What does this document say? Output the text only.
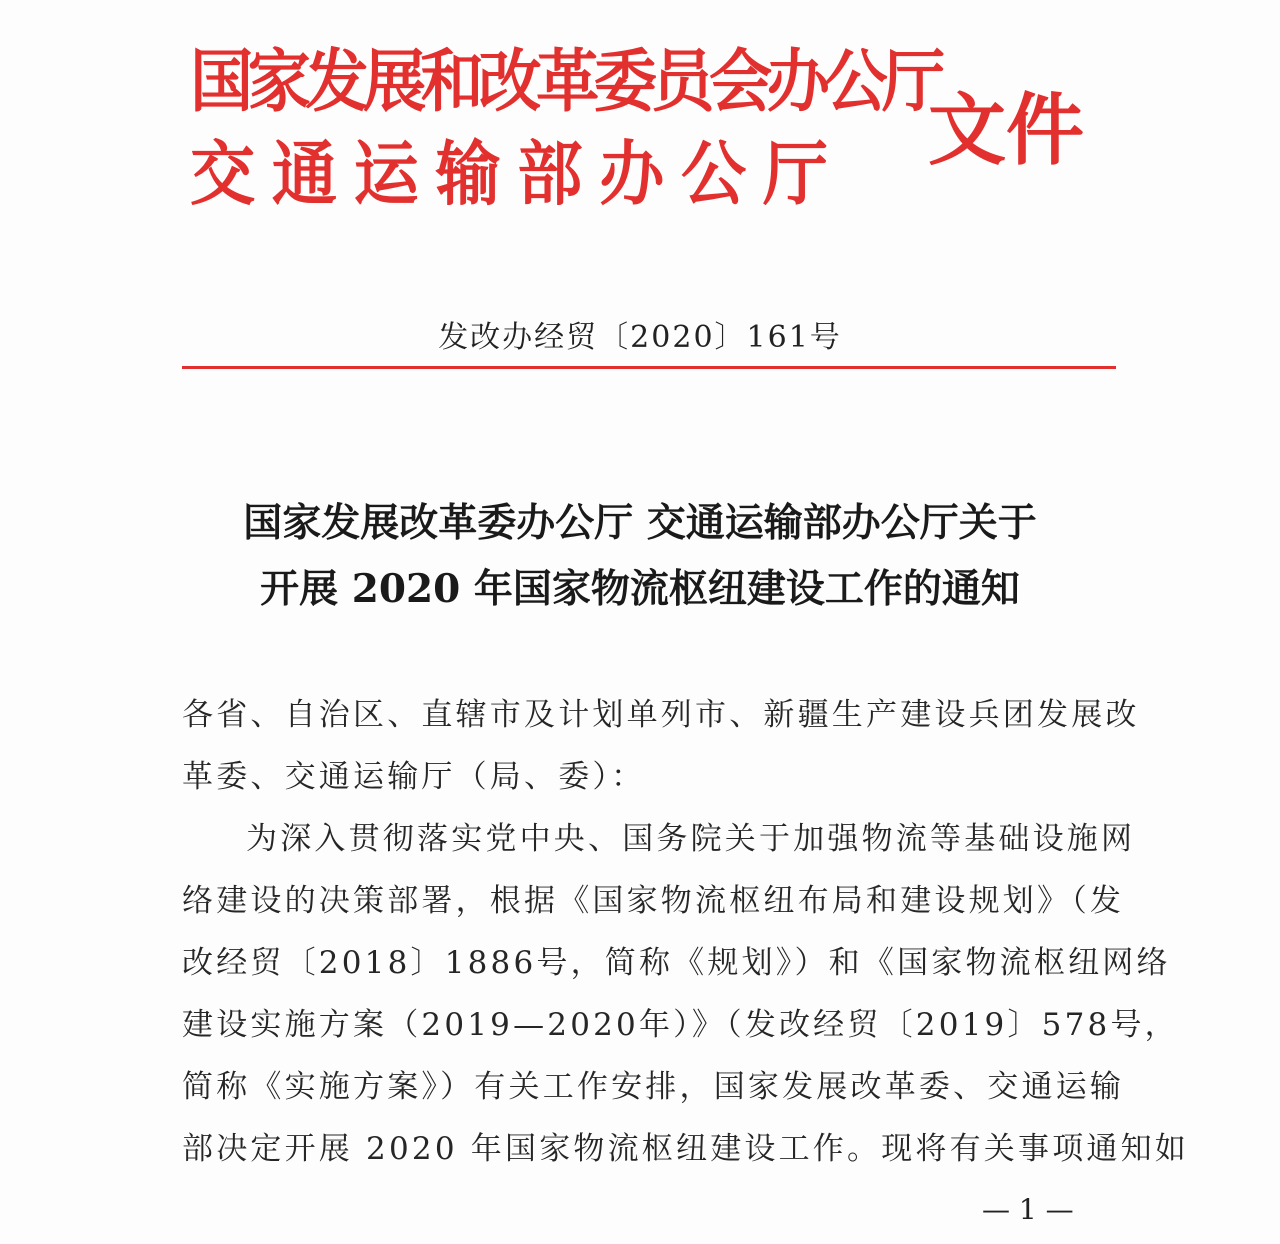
国家发展和改革委员会办公厅
交通运输部办公厅 文件
发改办经贸〔2020〕161号
国家发展改革委办公厅 交通运输部办公厅关于
开展 2020 年国家物流枢纽建设工作的通知
各省、自治区、直辖市及计划单列市、新疆生产建设兵团发展改
革委、交通运输厅（局、委）：
为深入贯彻落实党中央、国务院关于加强物流等基础设施网
络建设的决策部署，根据《国家物流枢纽布局和建设规划》（发
改经贸〔2018〕1886号，简称《规划》）和《国家物流枢纽网络
建设实施方案（2019—2020年）》（发改经贸〔2019〕578号，
简称《实施方案》）有关工作安排，国家发展改革委、交通运输
部决定开展 2020 年国家物流枢纽建设工作。现将有关事项通知如
— 1 —
